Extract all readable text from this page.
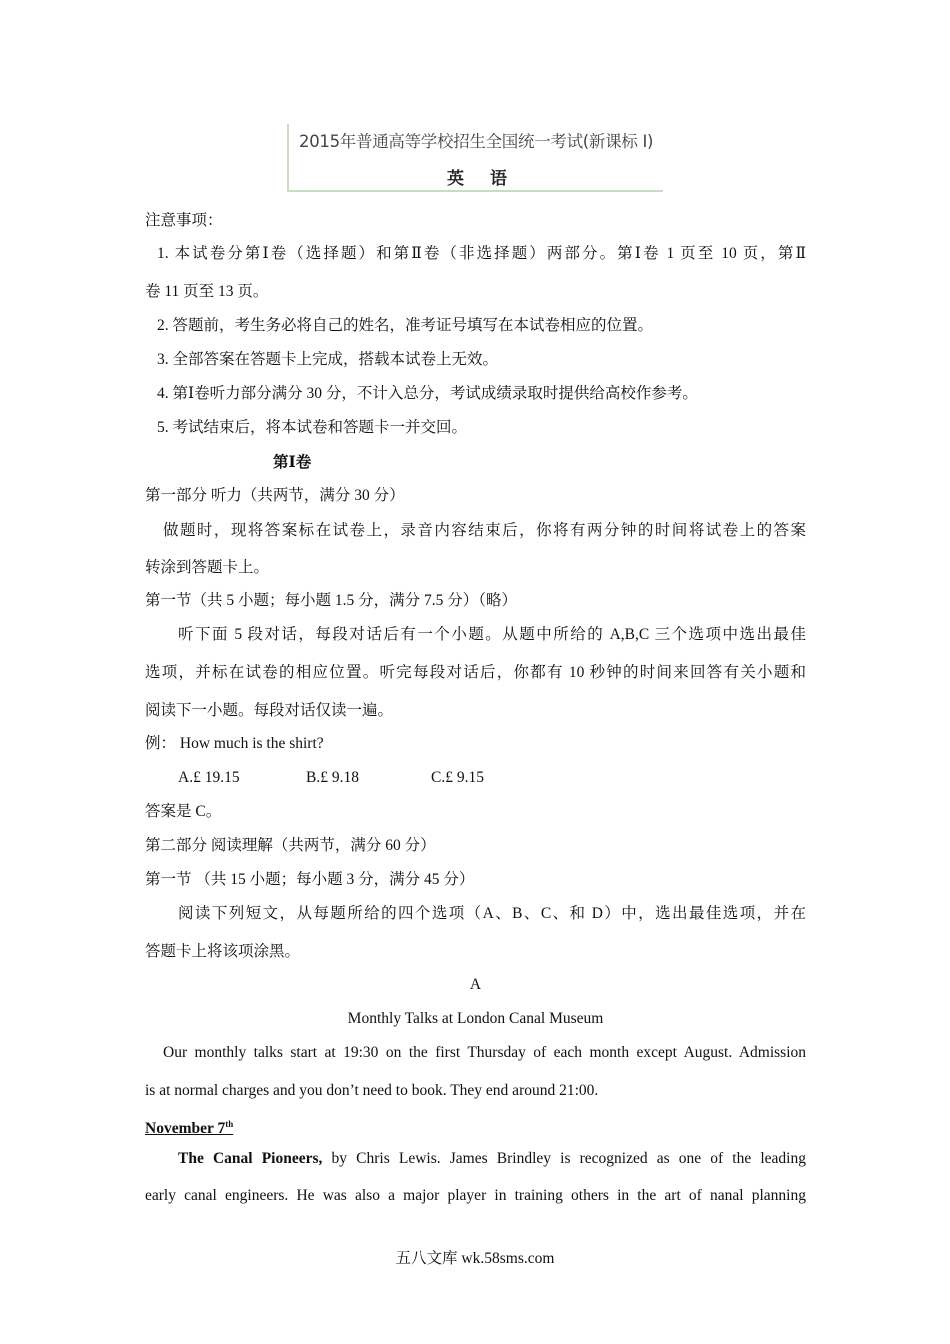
2015年普通高等学校招生全国统一考试(新课标 I)
英语
注意事项：
1. 本试卷分第Ⅰ卷（选择题）和第Ⅱ卷（非选择题）两部分。第Ⅰ卷 1 页至 10 页，第Ⅱ
卷 11 页至 13 页。
2. 答题前，考生务必将自己的姓名，准考证号填写在本试卷相应的位置。
3. 全部答案在答题卡上完成，搭载本试卷上无效。
4. 第Ⅰ卷听力部分满分 30 分，不计入总分，考试成绩录取时提供给高校作参考。
5. 考试结束后，将本试卷和答题卡一并交回。
第Ⅰ卷
第一部分 听力（共两节，满分 30 分）
做题时，现将答案标在试卷上，录音内容结束后，你将有两分钟的时间将试卷上的答案
转涂到答题卡上。
第一节（共 5 小题；每小题 1.5 分，满分 7.5 分）（略）
听下面 5 段对话，每段对话后有一个小题。从题中所给的 A,B,C 三个选项中选出最佳
选项，并标在试卷的相应位置。听完每段对话后，你都有 10 秒钟的时间来回答有关小题和
阅读下一小题。每段对话仅读一遍。
例： How much is the shirt?
A.£ 19.15	B.£ 9.18	C.£ 9.15
答案是 C。
第二部分 阅读理解（共两节，满分 60 分）
第一节 （共 15 小题；每小题 3 分，满分 45 分）
阅读下列短文，从每题所给的四个选项（A、B、C、和 D）中，选出最佳选项，并在
答题卡上将该项涂黑。
A
Monthly Talks at London Canal Museum
Our monthly talks start at 19:30 on the first Thursday of each month except August. Admission
is at normal charges and you don’t need to book. They end around 21:00.
November 7th
The Canal Pioneers, by Chris Lewis. James Brindley is recognized as one of the leading
early canal engineers. He was also a major player in training others in the art of nanal planning
五八文库 wk.58sms.com
